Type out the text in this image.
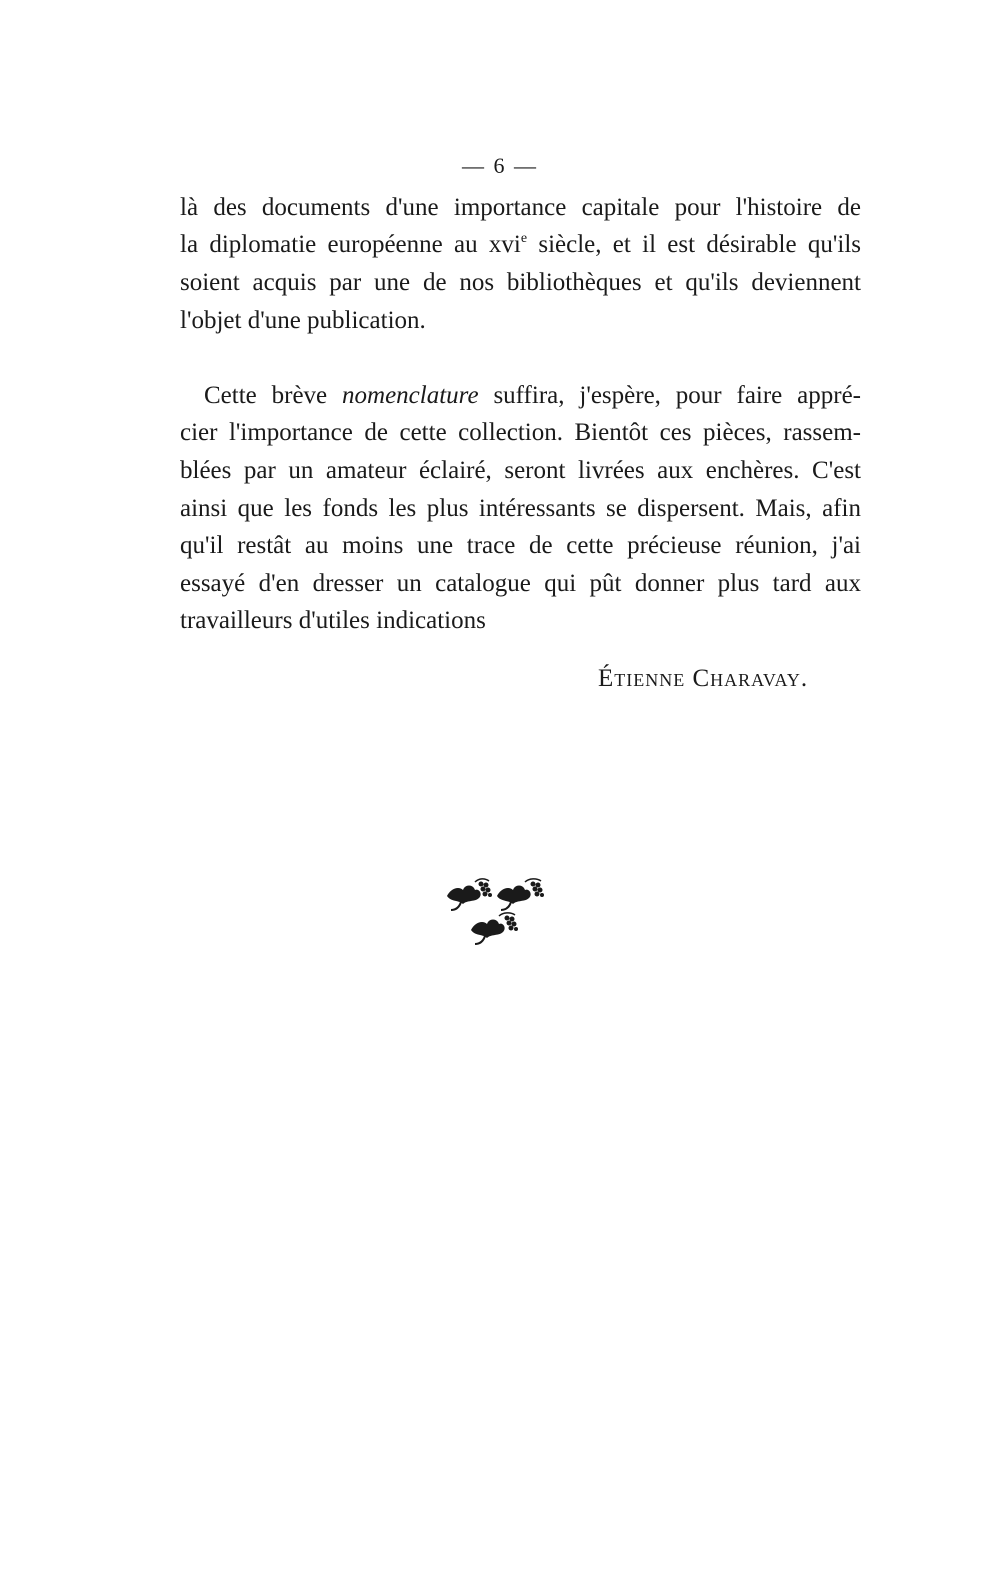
— 6 —
là des documents d'une importance capitale pour l'histoire de
la diplomatie européenne au xvi$^e$ siècle, et il est désirable qu'ils
soient acquis par une de nos bibliothèques et qu'ils deviennent
l'objet d'une publication.
Cette brève nomenclature suffira, j'espère, pour faire appré-
cier l'importance de cette collection. Bientôt ces pièces, rassem-
blées par un amateur éclairé, seront livrées aux enchères. C'est
ainsi que les fonds les plus intéressants se dispersent. Mais, afin
qu'il restât au moins une trace de cette précieuse réunion, j'ai
essayé d'en dresser un catalogue qui pût donner plus tard aux
travailleurs d'utiles indications
Étienne Charavay.
